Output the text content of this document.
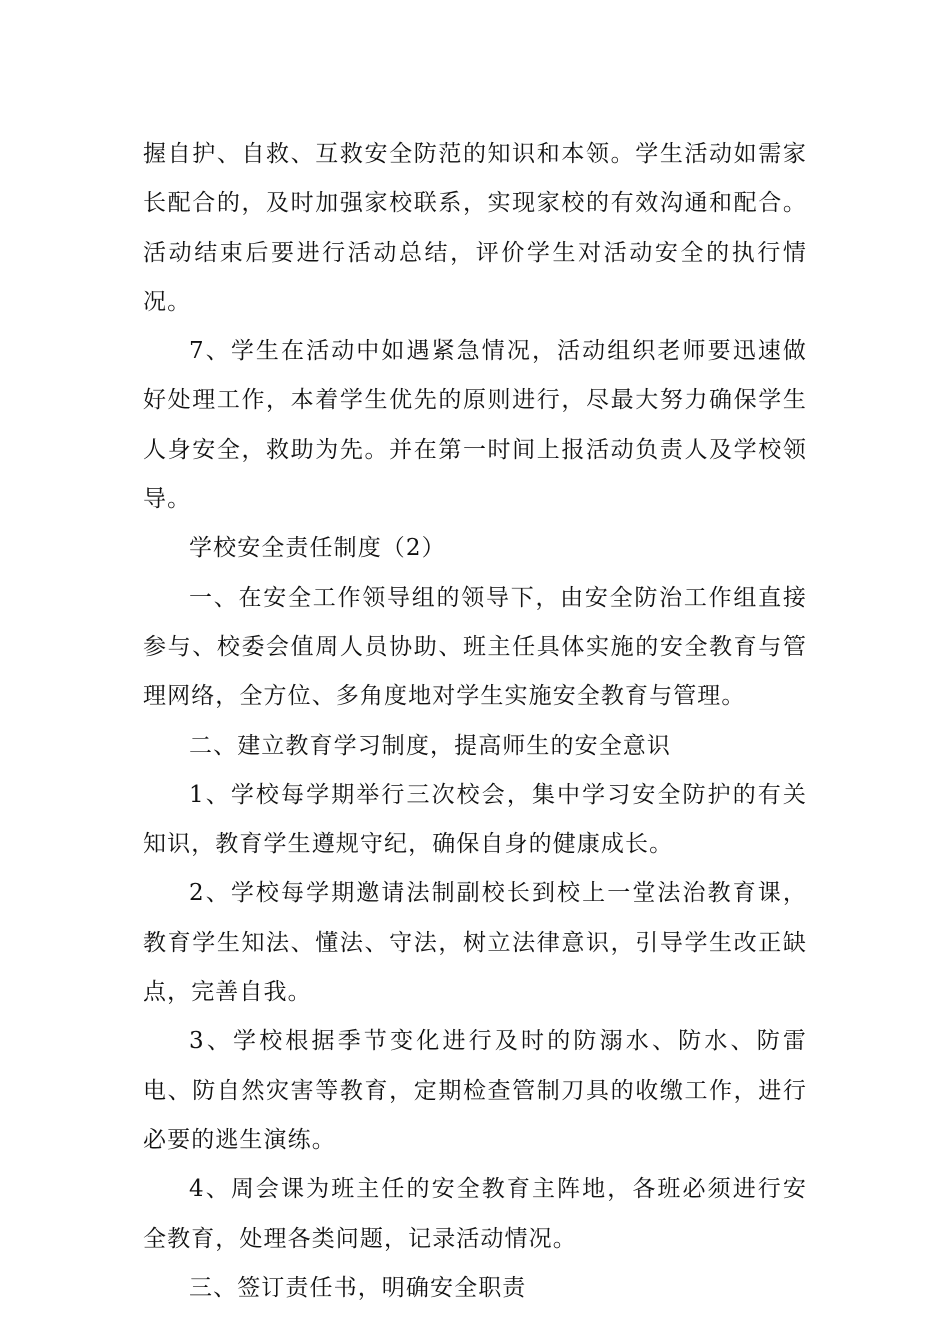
握自护、自救、互救安全防范的知识和本领。学生活动如需家长配合的，及时加强家校联系，实现家校的有效沟通和配合。活动结束后要进行活动总结，评价学生对活动安全的执行情况。

7、学生在活动中如遇紧急情况，活动组织老师要迅速做好处理工作，本着学生优先的原则进行，尽最大努力确保学生人身安全，救助为先。并在第一时间上报活动负责人及学校领导。

学校安全责任制度（2）

一、在安全工作领导组的领导下，由安全防治工作组直接参与、校委会值周人员协助、班主任具体实施的安全教育与管理网络，全方位、多角度地对学生实施安全教育与管理。

二、建立教育学习制度，提高师生的安全意识

1、学校每学期举行三次校会，集中学习安全防护的有关知识，教育学生遵规守纪，确保自身的健康成长。

2、学校每学期邀请法制副校长到校上一堂法治教育课，教育学生知法、懂法、守法，树立法律意识，引导学生改正缺点，完善自我。

3、学校根据季节变化进行及时的防溺水、防水、防雷电、防自然灾害等教育，定期检查管制刀具的收缴工作，进行必要的逃生演练。

4、周会课为班主任的安全教育主阵地，各班必须进行安全教育，处理各类问题，记录活动情况。

三、签订责任书，明确安全职责
